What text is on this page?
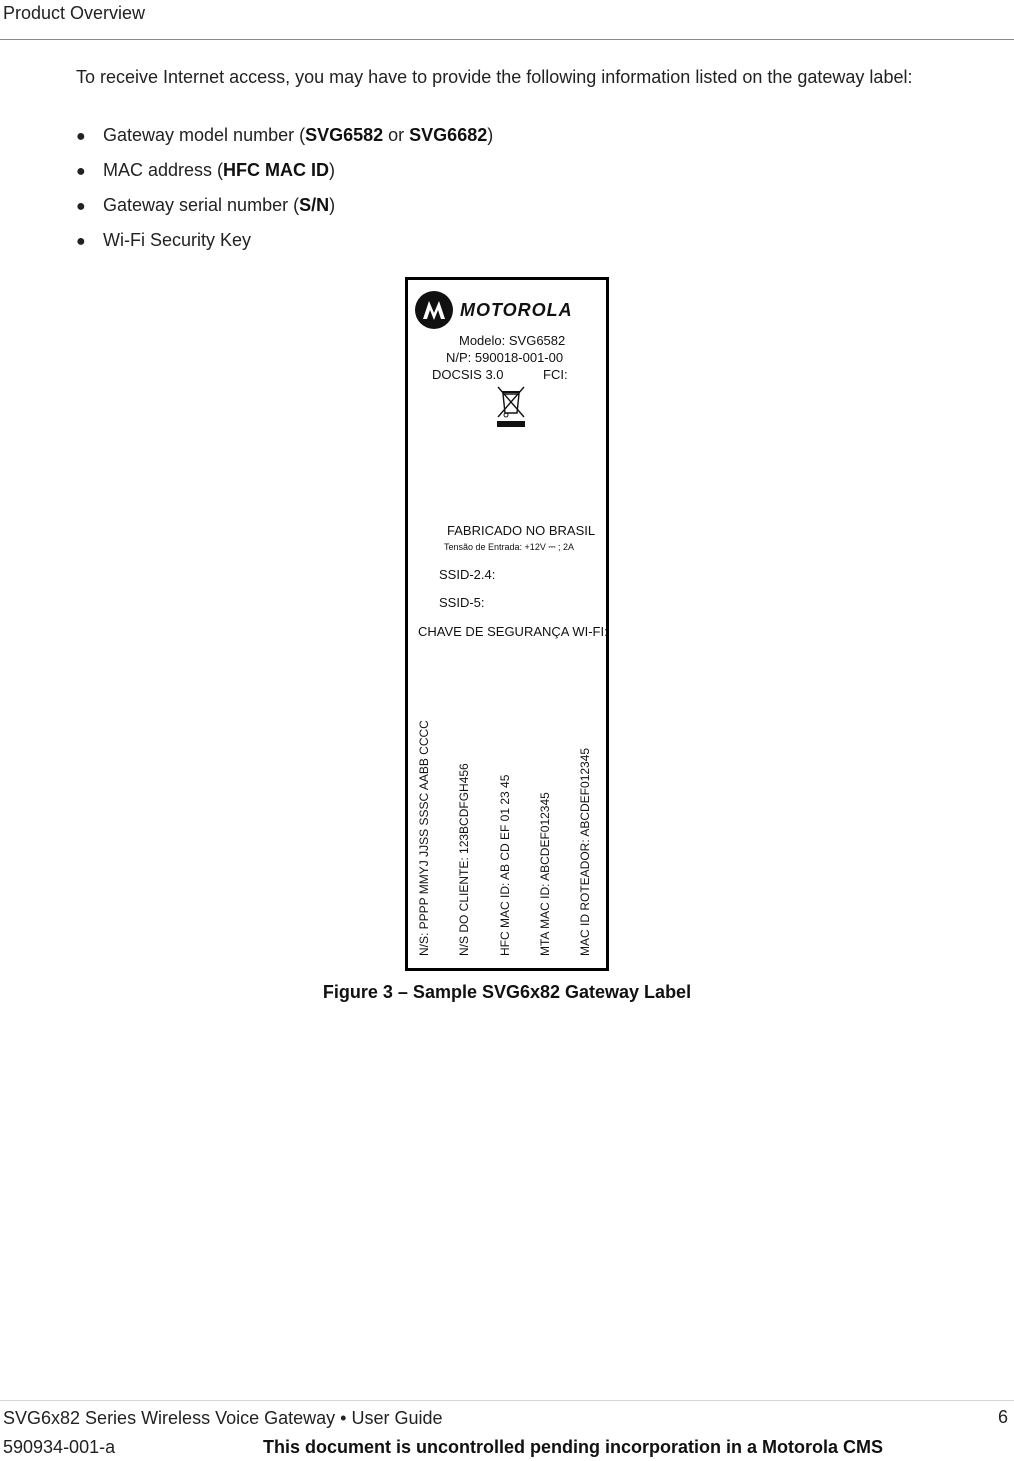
Product Overview

To receive Internet access, you may have to provide the following information listed on the gateway label:

● Gateway model number (SVG6582 or SVG6682)
● MAC address (HFC MAC ID)
● Gateway serial number (S/N)
● Wi-Fi Security Key
MOTOROLA
Modelo: SVG6582
N/P: 590018-001-00
DOCSIS 3.0	FCI:
FABRICADO NO BRASIL
Tensão de Entrada: +12V ⎓ ; 2A
SSID-2.4:
SSID-5:
CHAVE DE SEGURANÇA WI-FI:
N/S: PPPP MMYJ JJSS SSSC AABB CCCC N/S DO CLIENTE: 123BCDFGH456 HFC MAC ID: AB CD EF 01 23 45 MTA MAC ID: ABCDEF012345 MAC ID ROTEADOR: ABCDEF012345
Figure 3 – Sample SVG6x82 Gateway Label
SVG6x82 Series Wireless Voice Gateway • User Guide	6
590934-001-a	This document is uncontrolled pending incorporation in a Motorola CMS
